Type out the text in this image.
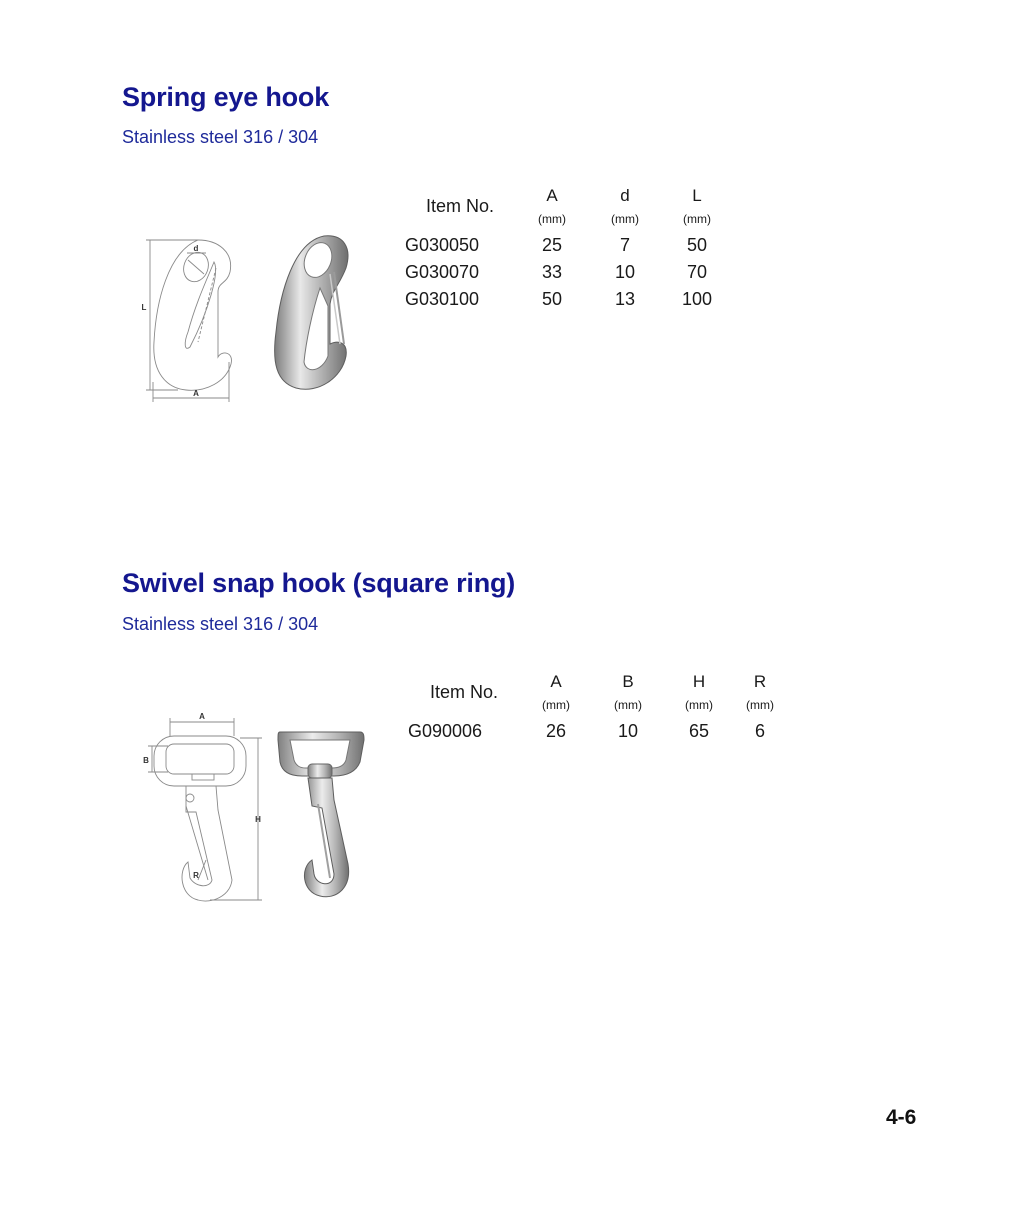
Spring eye hook

Stainless steel 316 / 304

d
L
A
Item No.	A	d	L
	(mm)	(mm)	(mm)
G030050	25	7	50
G030070	33	10	70
G030100	50	13	100
Swivel snap hook (square ring)

Stainless steel 316 / 304

A
B
H
R
Item No.	A	B	H	R
	(mm)	(mm)	(mm)	(mm)
G090006	26	10	65	6
4-6
